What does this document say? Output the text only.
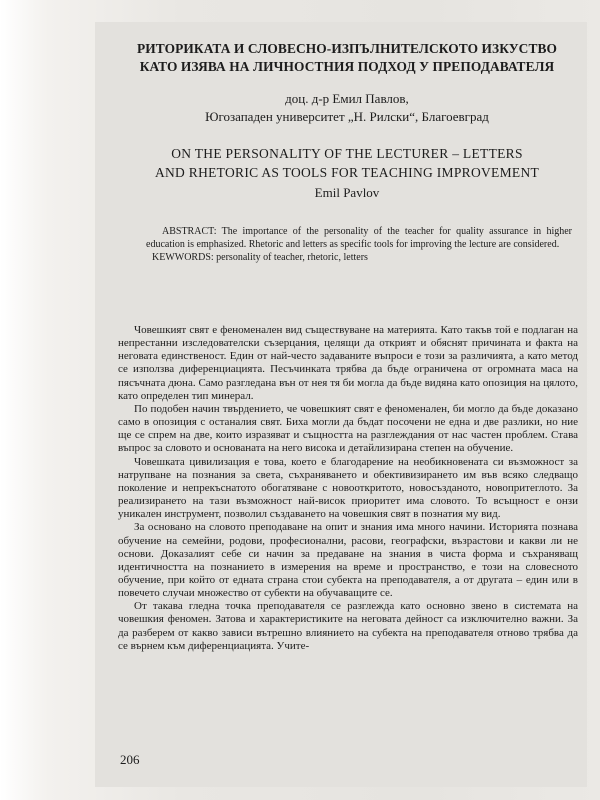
РИТОРИКАТА И СЛОВЕСНО-ИЗПЪЛНИТЕЛСКОТО ИЗКУСТВО
КАТО ИЗЯВА НА ЛИЧНОСТНИЯ ПОДХОД У ПРЕПОДАВАТЕЛЯ
доц. д-р Емил Павлов,
Югозападен университет „Н. Рилски“, Благоевград
ON THE PERSONALITY OF THE LECTURER – LETTERS
AND RHETORIC AS TOOLS FOR TEACHING IMPROVEMENT
Emil Pavlov

ABSTRACT: The importance of the personality of the teacher for quality assurance in higher education is emphasized. Rhetoric and letters as specific tools for improving the lecture are considered.

KEWWORDS: personality of teacher, rhetoric, letters

Човешкият свят е феноменален вид съществуване на материята. Като такъв той е подлаган на непрестанни изследователски съзерцания, целящи да открият и обяснят причината и факта на неговата единственост. Един от най-често задаваните въпроси е този за различията, а като метод се използва диференциацията. Песъчинката трябва да бъде ограничена от огромната маса на пясъчната дюна. Само разгледана вън от нея тя би могла да бъде видяна като опозиция на цялото, като определен тип минерал.

По подобен начин твърдението, че човешкият свят е феноменален, би могло да бъде доказано само в опозиция с останалия свят. Биха могли да бъдат посочени не една и две разлики, но ние ще се спрем на две, които изразяват и същността на разглеждания от нас частен проблем. Става въпрос за словото и основаната на него висока и детайлизирана степен на обучение.

Човешката цивилизация е това, което е благодарение на необикновената си възможност за натрупване на познания за света, съхраняването и обективизирането им във всяко следващо поколение и непрекъснатото обогатяване с новооткритото, новосъзданото, новопритеглото. За реализирането на тази възможност най-висок приоритет има словото. То всъщност е онзи уникален инструмент, позволил създаването на човешкия свят в познатия му вид.

За основано на словото преподаване на опит и знания има много начини. Историята познава обучение на семейни, родови, професионални, расови, географски, възрастови и какви ли не основи. Доказалият себе си начин за предаване на знания в чиста форма и съхраняващ идентичността на познанието в измерения на време и пространство, е този на словесното обучение, при който от едната страна стои субекта на преподавателя, а от другата – един или в повечето случаи множество от субекти на обучаващите се.

От такава гледна точка преподавателя се разглежда като основно звено в системата на човешкия феномен. Затова и характеристиките на неговата дейност са изключително важни. За да разберем от какво зависи вътрешно влиянието на субекта на преподавателя отново трябва да се върнем към диференциацията. Учите-

206
